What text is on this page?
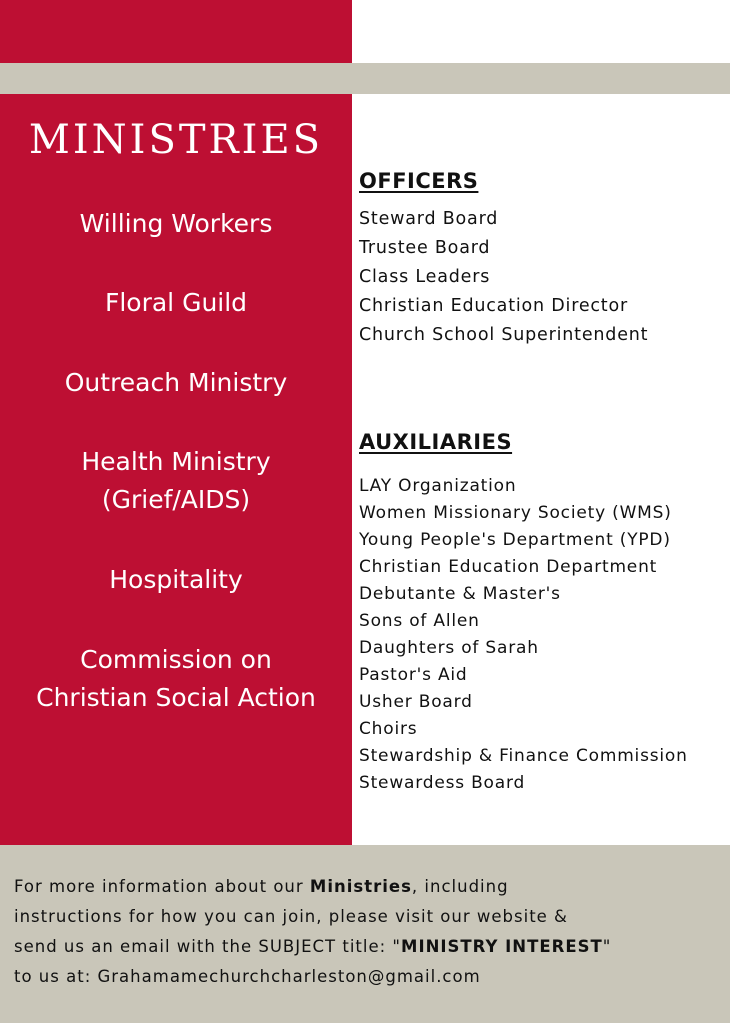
MINISTRIES
Willing Workers
Floral Guild
Outreach Ministry
Health Ministry
(Grief/AIDS)
Hospitality
Commission on
Christian Social Action
OFFICERS
Steward Board
Trustee Board
Class Leaders
Christian Education Director
Church School Superintendent
AUXILIARIES
LAY Organization
Women Missionary Society (WMS)
Young People's Department (YPD)
Christian Education Department
Debutante & Master's
Sons of Allen
Daughters of Sarah
Pastor's Aid
Usher Board
Choirs
Stewardship & Finance Commission
Stewardess Board
For more information about our Ministries, including
instructions for how you can join, please visit our website &
send us an email with the SUBJECT title: "MINISTRY INTEREST"
to us at: Grahamamechurchcharleston@gmail.com
